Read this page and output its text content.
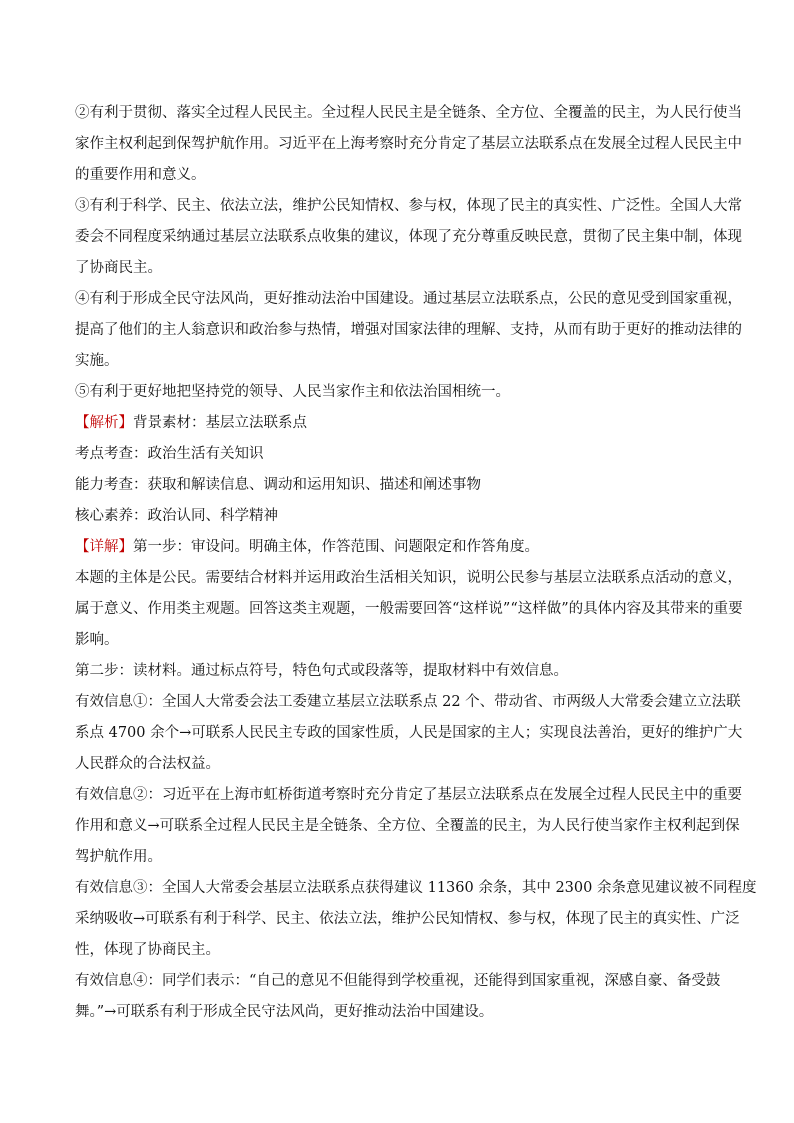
②有利于贯彻、落实全过程人民民主。全过程人民民主是全链条、全方位、全覆盖的民主，为人民行使当
家作主权利起到保驾护航作用。习近平在上海考察时充分肯定了基层立法联系点在发展全过程人民民主中
的重要作用和意义。
③有利于科学、民主、依法立法，维护公民知情权、参与权，体现了民主的真实性、广泛性。全国人大常
委会不同程度采纳通过基层立法联系点收集的建议，体现了充分尊重反映民意，贯彻了民主集中制，体现
了协商民主。
④有利于形成全民守法风尚，更好推动法治中国建设。通过基层立法联系点，公民的意见受到国家重视，
提高了他们的主人翁意识和政治参与热情，增强对国家法律的理解、支持，从而有助于更好的推动法律的
实施。
⑤有利于更好地把坚持党的领导、人民当家作主和依法治国相统一。
【解析】背景素材：基层立法联系点
考点考查：政治生活有关知识
能力考查：获取和解读信息、调动和运用知识、描述和阐述事物
核心素养：政治认同、科学精神
【详解】第一步：审设问。明确主体，作答范围、问题限定和作答角度。
本题的主体是公民。需要结合材料并运用政治生活相关知识，说明公民参与基层立法联系点活动的意义，
属于意义、作用类主观题。回答这类主观题，一般需要回答“这样说”“这样做”的具体内容及其带来的重要
影响。
第二步：读材料。通过标点符号，特色句式或段落等，提取材料中有效信息。
有效信息①：全国人大常委会法工委建立基层立法联系点 22 个、带动省、市两级人大常委会建立立法联
系点 4700 余个→可联系人民民主专政的国家性质，人民是国家的主人；实现良法善治，更好的维护广大
人民群众的合法权益。
有效信息②：习近平在上海市虹桥街道考察时充分肯定了基层立法联系点在发展全过程人民民主中的重要
作用和意义→可联系全过程人民民主是全链条、全方位、全覆盖的民主，为人民行使当家作主权利起到保
驾护航作用。
有效信息③：全国人大常委会基层立法联系点获得建议 11360 余条，其中 2300 余条意见建议被不同程度
采纳吸收→可联系有利于科学、民主、依法立法，维护公民知情权、参与权，体现了民主的真实性、广泛
性，体现了协商民主。
有效信息④：同学们表示：“自己的意见不但能得到学校重视，还能得到国家重视，深感自豪、备受鼓
舞。”→可联系有利于形成全民守法风尚，更好推动法治中国建设。
